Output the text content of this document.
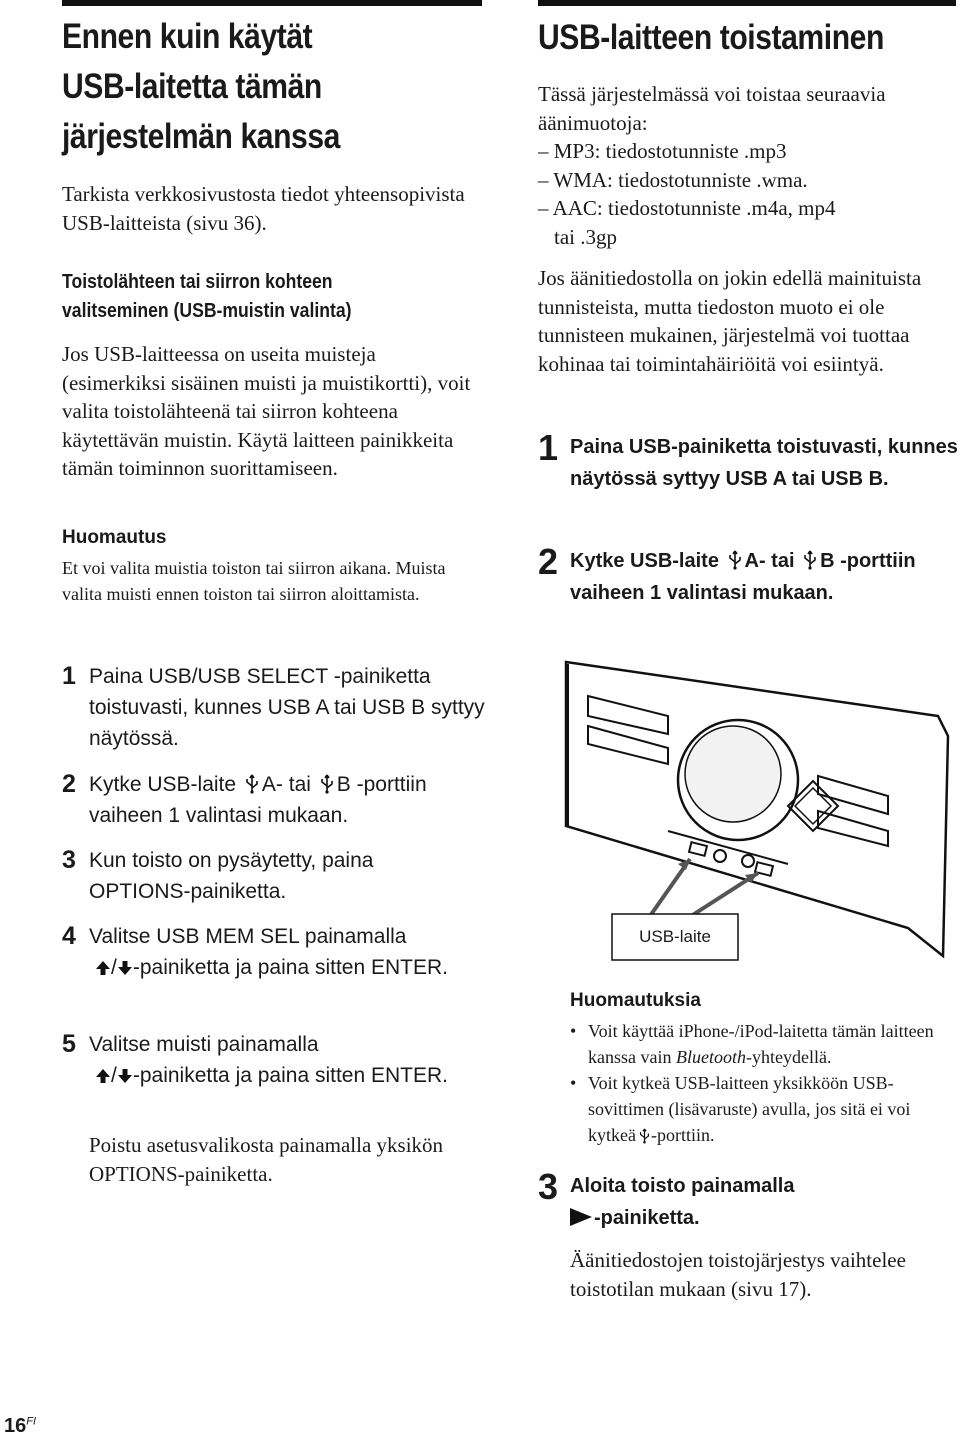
Ennen kuin käytät
USB-laitetta tämän
järjestelmän kanssa
Tarkista verkkosivustosta tiedot yhteensopivista USB-laitteista (sivu 36).
Toistolähteen tai siirron kohteen
valitseminen (USB-muistin valinta)
Jos USB-laitteessa on useita muisteja (esimerkiksi sisäinen muisti ja muistikortti), voit valita toistolähteenä tai siirron kohteena käytettävän muistin. Käytä laitteen painikkeita tämän toiminnon suorittamiseen.
Huomautus
Et voi valita muistia toiston tai siirron aikana. Muista valita muisti ennen toiston tai siirron aloittamista.
1 Paina USB/USB SELECT -painiketta toistuvasti, kunnes USB A tai USB B syttyy näytössä.
2 Kytke USB-laite A- tai B -porttiin vaiheen 1 valintasi mukaan.
3 Kun toisto on pysäytetty, paina OPTIONS-painiketta.
4 Valitse USB MEM SEL painamalla
/ -painiketta ja paina sitten ENTER.
5 Valitse muisti painamalla
/ -painiketta ja paina sitten ENTER.
Poistu asetusvalikosta painamalla yksikön OPTIONS-painiketta.
USB-laitteen toistaminen
Tässä järjestelmässä voi toistaa seuraavia äänimuotoja:
– MP3: tiedostotunniste .mp3
– WMA: tiedostotunniste .wma.
– AAC: tiedostotunniste .m4a, mp4
tai .3gp
Jos äänitiedostolla on jokin edellä mainituista tunnisteista, mutta tiedoston muoto ei ole tunnisteen mukainen, järjestelmä voi tuottaa kohinaa tai toimintahäiriöitä voi esiintyä.
1 Paina USB-painiketta toistuvasti, kunnes näytössä syttyy USB A tai USB B.
2 Kytke USB-laite A- tai B -porttiin vaiheen 1 valintasi mukaan.
USB-laite
Huomautuksia
• Voit käyttää iPhone-/iPod-laitetta tämän laitteen kanssa vain Bluetooth-yhteydellä.
• Voit kytkeä USB-laitteen yksikköön USB-sovittimen (lisävaruste) avulla, jos sitä ei voi kytkeä -porttiin.
3 Aloita toisto painamalla
-painiketta.
Äänitiedostojen toistojärjestys vaihtelee toistotilan mukaan (sivu 17).
$16^{FI}$
